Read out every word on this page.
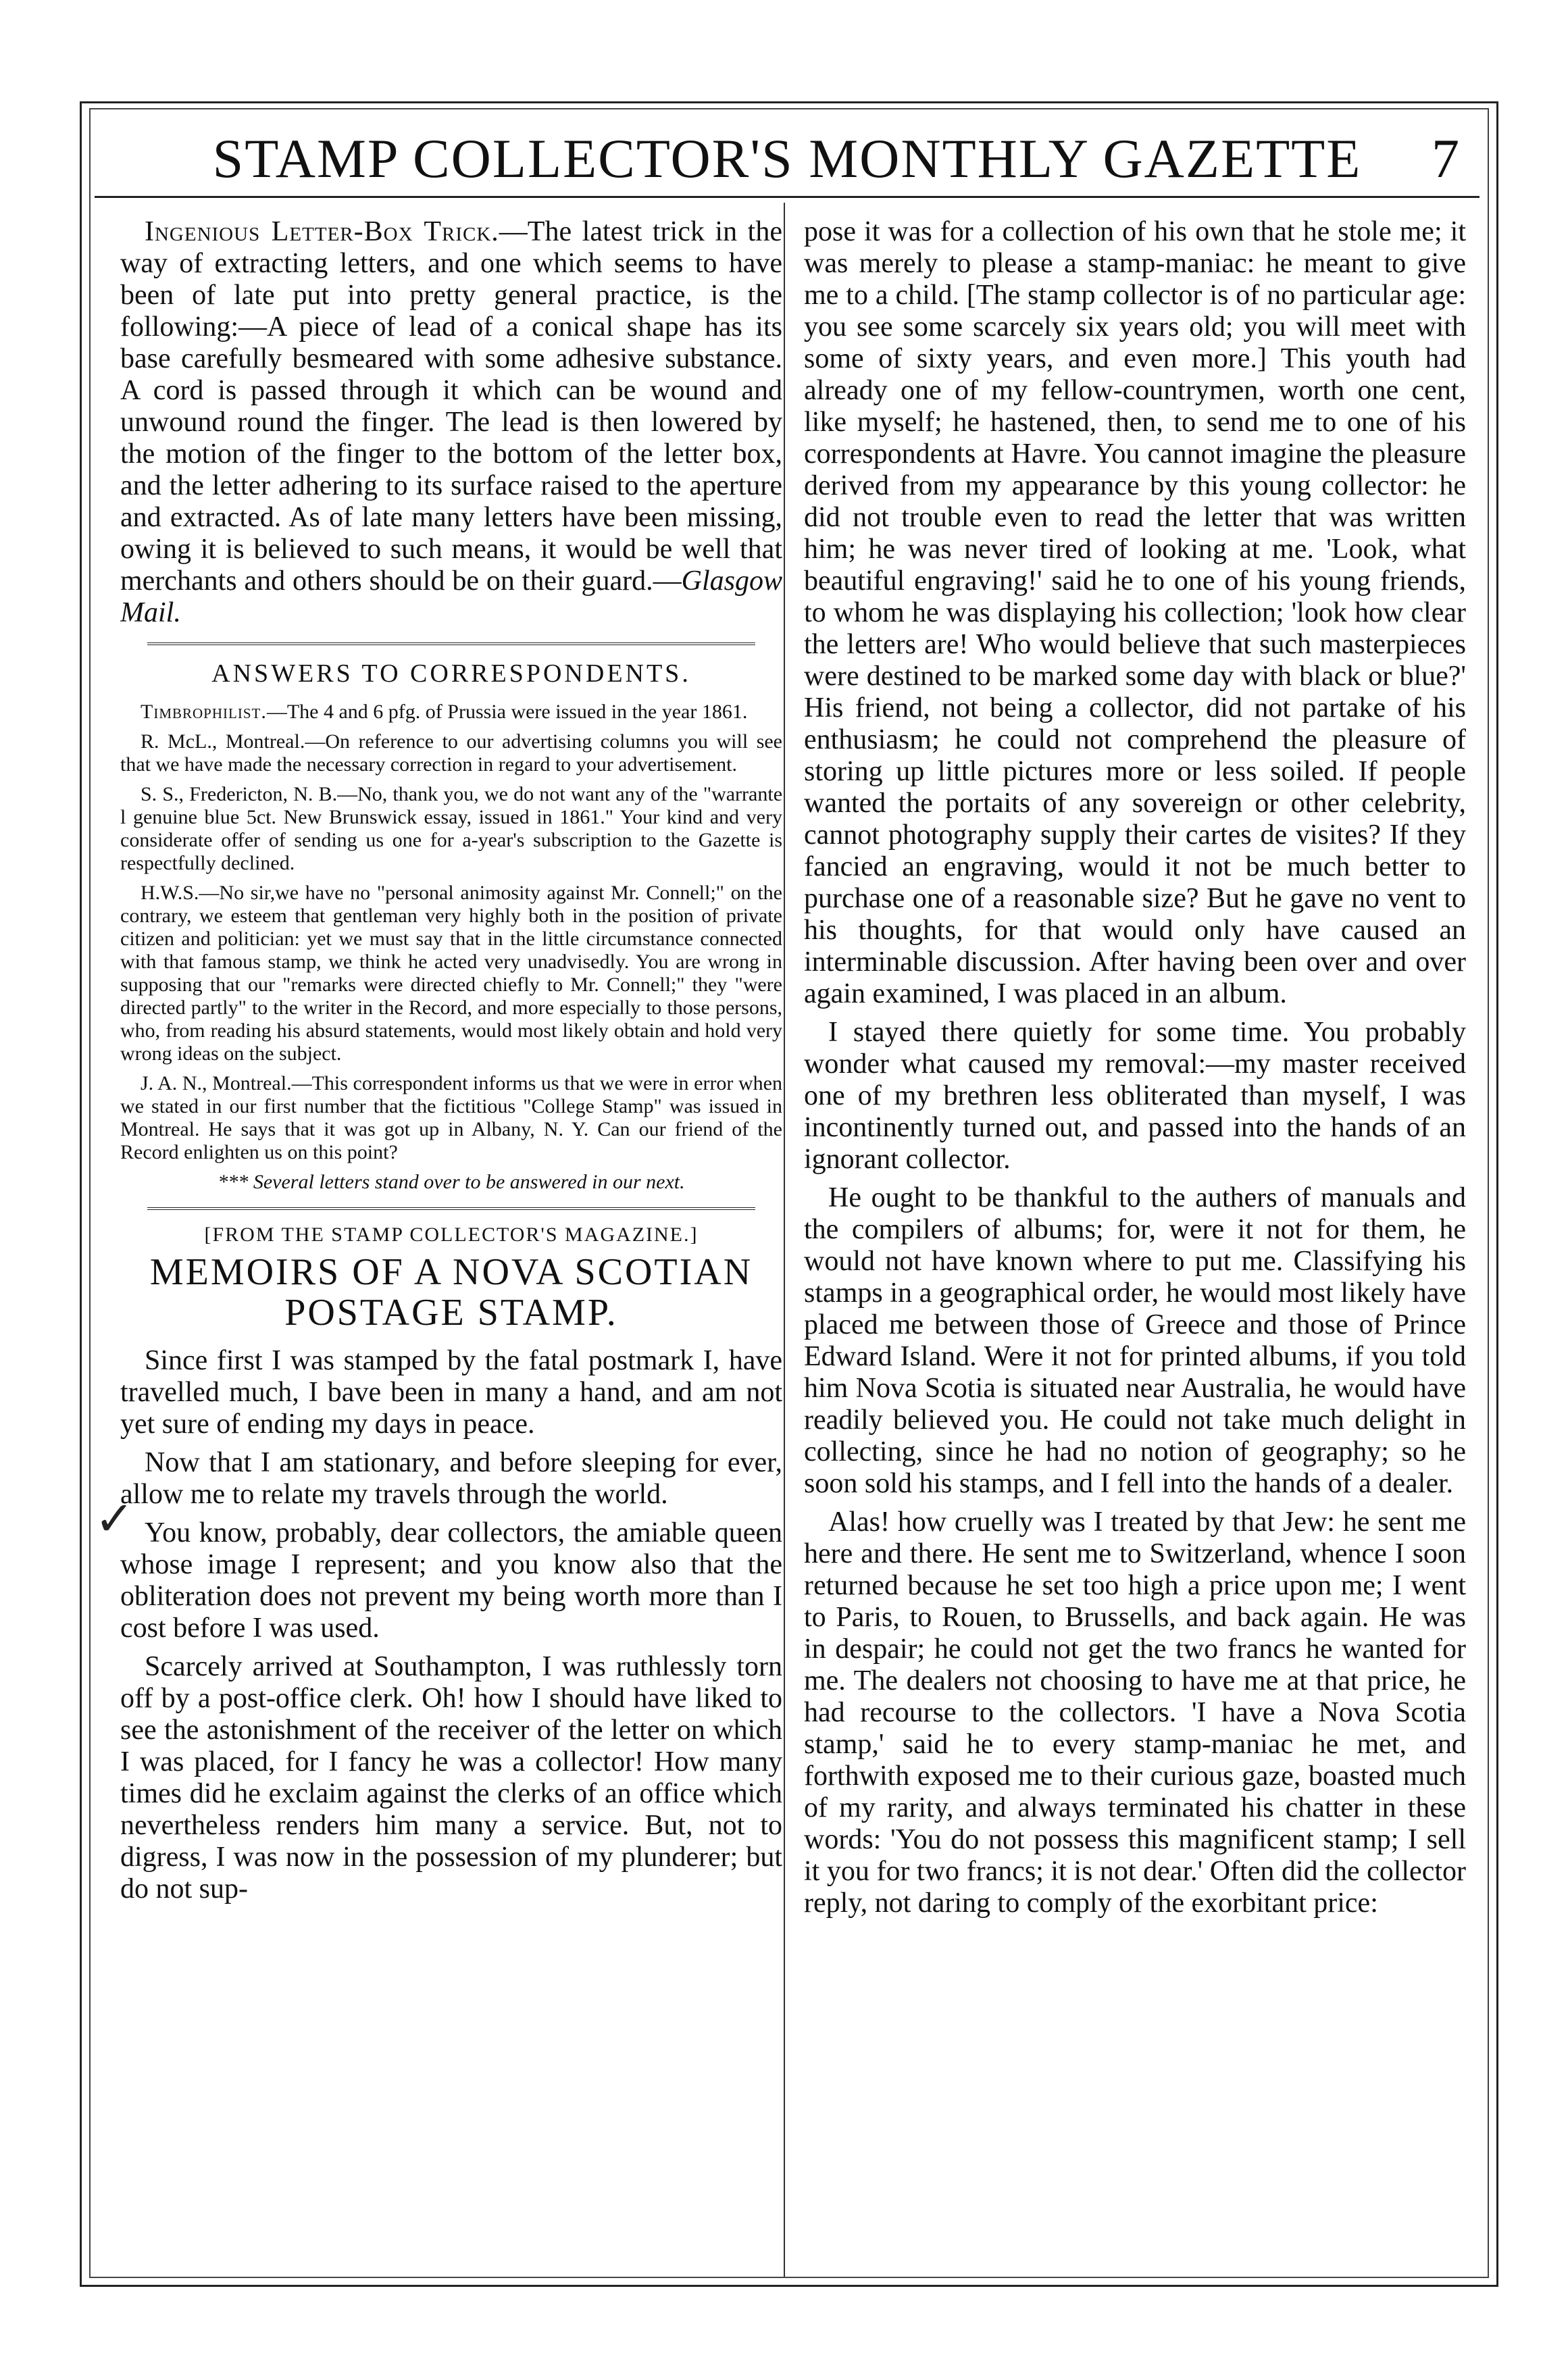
STAMP COLLECTOR'S MONTHLY GAZETTE	7

Ingenious Letter-Box Trick.—The latest trick in the way of extracting letters, and one which seems to have been of late put into pretty general practice, is the following:—A piece of lead of a conical shape has its base carefully besmeared with some adhesive substance. A cord is passed through it which can be wound and unwound round the finger. The lead is then lowered by the motion of the finger to the bottom of the letter box, and the letter adhering to its surface raised to the aperture and extracted. As of late many letters have been missing, owing it is believed to such means, it would be well that merchants and others should be on their guard.—Glasgow Mail.

ANSWERS TO CORRESPONDENTS.

Timbrophilist.—The 4 and 6 pfg. of Prussia were issued in the year 1861.

R. McL., Montreal.—On reference to our advertising columns you will see that we have made the necessary correction in regard to your advertisement.

S. S., Fredericton, N. B.—No, thank you, we do not want any of the "warrante l genuine blue 5ct. New Brunswick essay, issued in 1861." Your kind and very considerate offer of sending us one for a-year's subscription to the Gazette is respectfully declined.

H.W.S.—No sir,we have no "personal animosity against Mr. Connell;" on the contrary, we esteem that gentleman very highly both in the position of private citizen and politician: yet we must say that in the little circumstance connected with that famous stamp, we think he acted very unadvisedly. You are wrong in supposing that our "remarks were directed chiefly to Mr. Connell;" they "were directed partly" to the writer in the Record, and more especially to those persons, who, from reading his absurd statements, would most likely obtain and hold very wrong ideas on the subject.

J. A. N., Montreal.—This correspondent informs us that we were in error when we stated in our first number that the fictitious "College Stamp" was issued in Montreal. He says that it was got up in Albany, N. Y. Can our friend of the Record enlighten us on this point?

*** Several letters stand over to be answered in our next.
[FROM THE STAMP COLLECTOR'S MAGAZINE.]
MEMOIRS OF A NOVA SCOTIAN
POSTAGE STAMP.

Since first I was stamped by the fatal postmark I, have travelled much, I bave been in many a hand, and am not yet sure of ending my days in peace.

Now that I am stationary, and before sleeping for ever, allow me to relate my travels through the world.

You know, probably, dear collectors, the amiable queen whose image I represent; and you know also that the obliteration does not prevent my being worth more than I cost before I was used.

Scarcely arrived at Southampton, I was ruthlessly torn off by a post-office clerk. Oh! how I should have liked to see the astonishment of the receiver of the letter on which I was placed, for I fancy he was a collector! How many times did he exclaim against the clerks of an office which nevertheless renders him many a service. But, not to digress, I was now in the possession of my plunderer; but do not sup-

✓

pose it was for a collection of his own that he stole me; it was merely to please a stamp-maniac: he meant to give me to a child. [The stamp collector is of no particular age: you see some scarcely six years old; you will meet with some of sixty years, and even more.] This youth had already one of my fellow-countrymen, worth one cent, like myself; he hastened, then, to send me to one of his correspondents at Havre. You cannot imagine the pleasure derived from my appearance by this young collector: he did not trouble even to read the letter that was written him; he was never tired of looking at me. 'Look, what beautiful engraving!' said he to one of his young friends, to whom he was displaying his collection; 'look how clear the letters are! Who would believe that such masterpieces were destined to be marked some day with black or blue?' His friend, not being a collector, did not partake of his enthusiasm; he could not comprehend the pleasure of storing up little pictures more or less soiled. If people wanted the portaits of any sovereign or other celebrity, cannot photography supply their cartes de visites? If they fancied an engraving, would it not be much better to purchase one of a reasonable size? But he gave no vent to his thoughts, for that would only have caused an interminable discussion. After having been over and over again examined, I was placed in an album.

I stayed there quietly for some time. You probably wonder what caused my removal:—my master received one of my brethren less obliterated than myself, I was incontinently turned out, and passed into the hands of an ignorant collector.

He ought to be thankful to the authers of manuals and the compilers of albums; for, were it not for them, he would not have known where to put me. Classifying his stamps in a geographical order, he would most likely have placed me between those of Greece and those of Prince Edward Island. Were it not for printed albums, if you told him Nova Scotia is situated near Australia, he would have readily believed you. He could not take much delight in collecting, since he had no notion of geography; so he soon sold his stamps, and I fell into the hands of a dealer.

Alas! how cruelly was I treated by that Jew: he sent me here and there. He sent me to Switzerland, whence I soon returned because he set too high a price upon me; I went to Paris, to Rouen, to Brussells, and back again. He was in despair; he could not get the two francs he wanted for me. The dealers not choosing to have me at that price, he had recourse to the collectors. 'I have a Nova Scotia stamp,' said he to every stamp-maniac he met, and forthwith exposed me to their curious gaze, boasted much of my rarity, and always terminated his chatter in these words: 'You do not possess this magnificent stamp; I sell it you for two francs; it is not dear.' Often did the collector reply, not daring to comply of the exorbitant price:
